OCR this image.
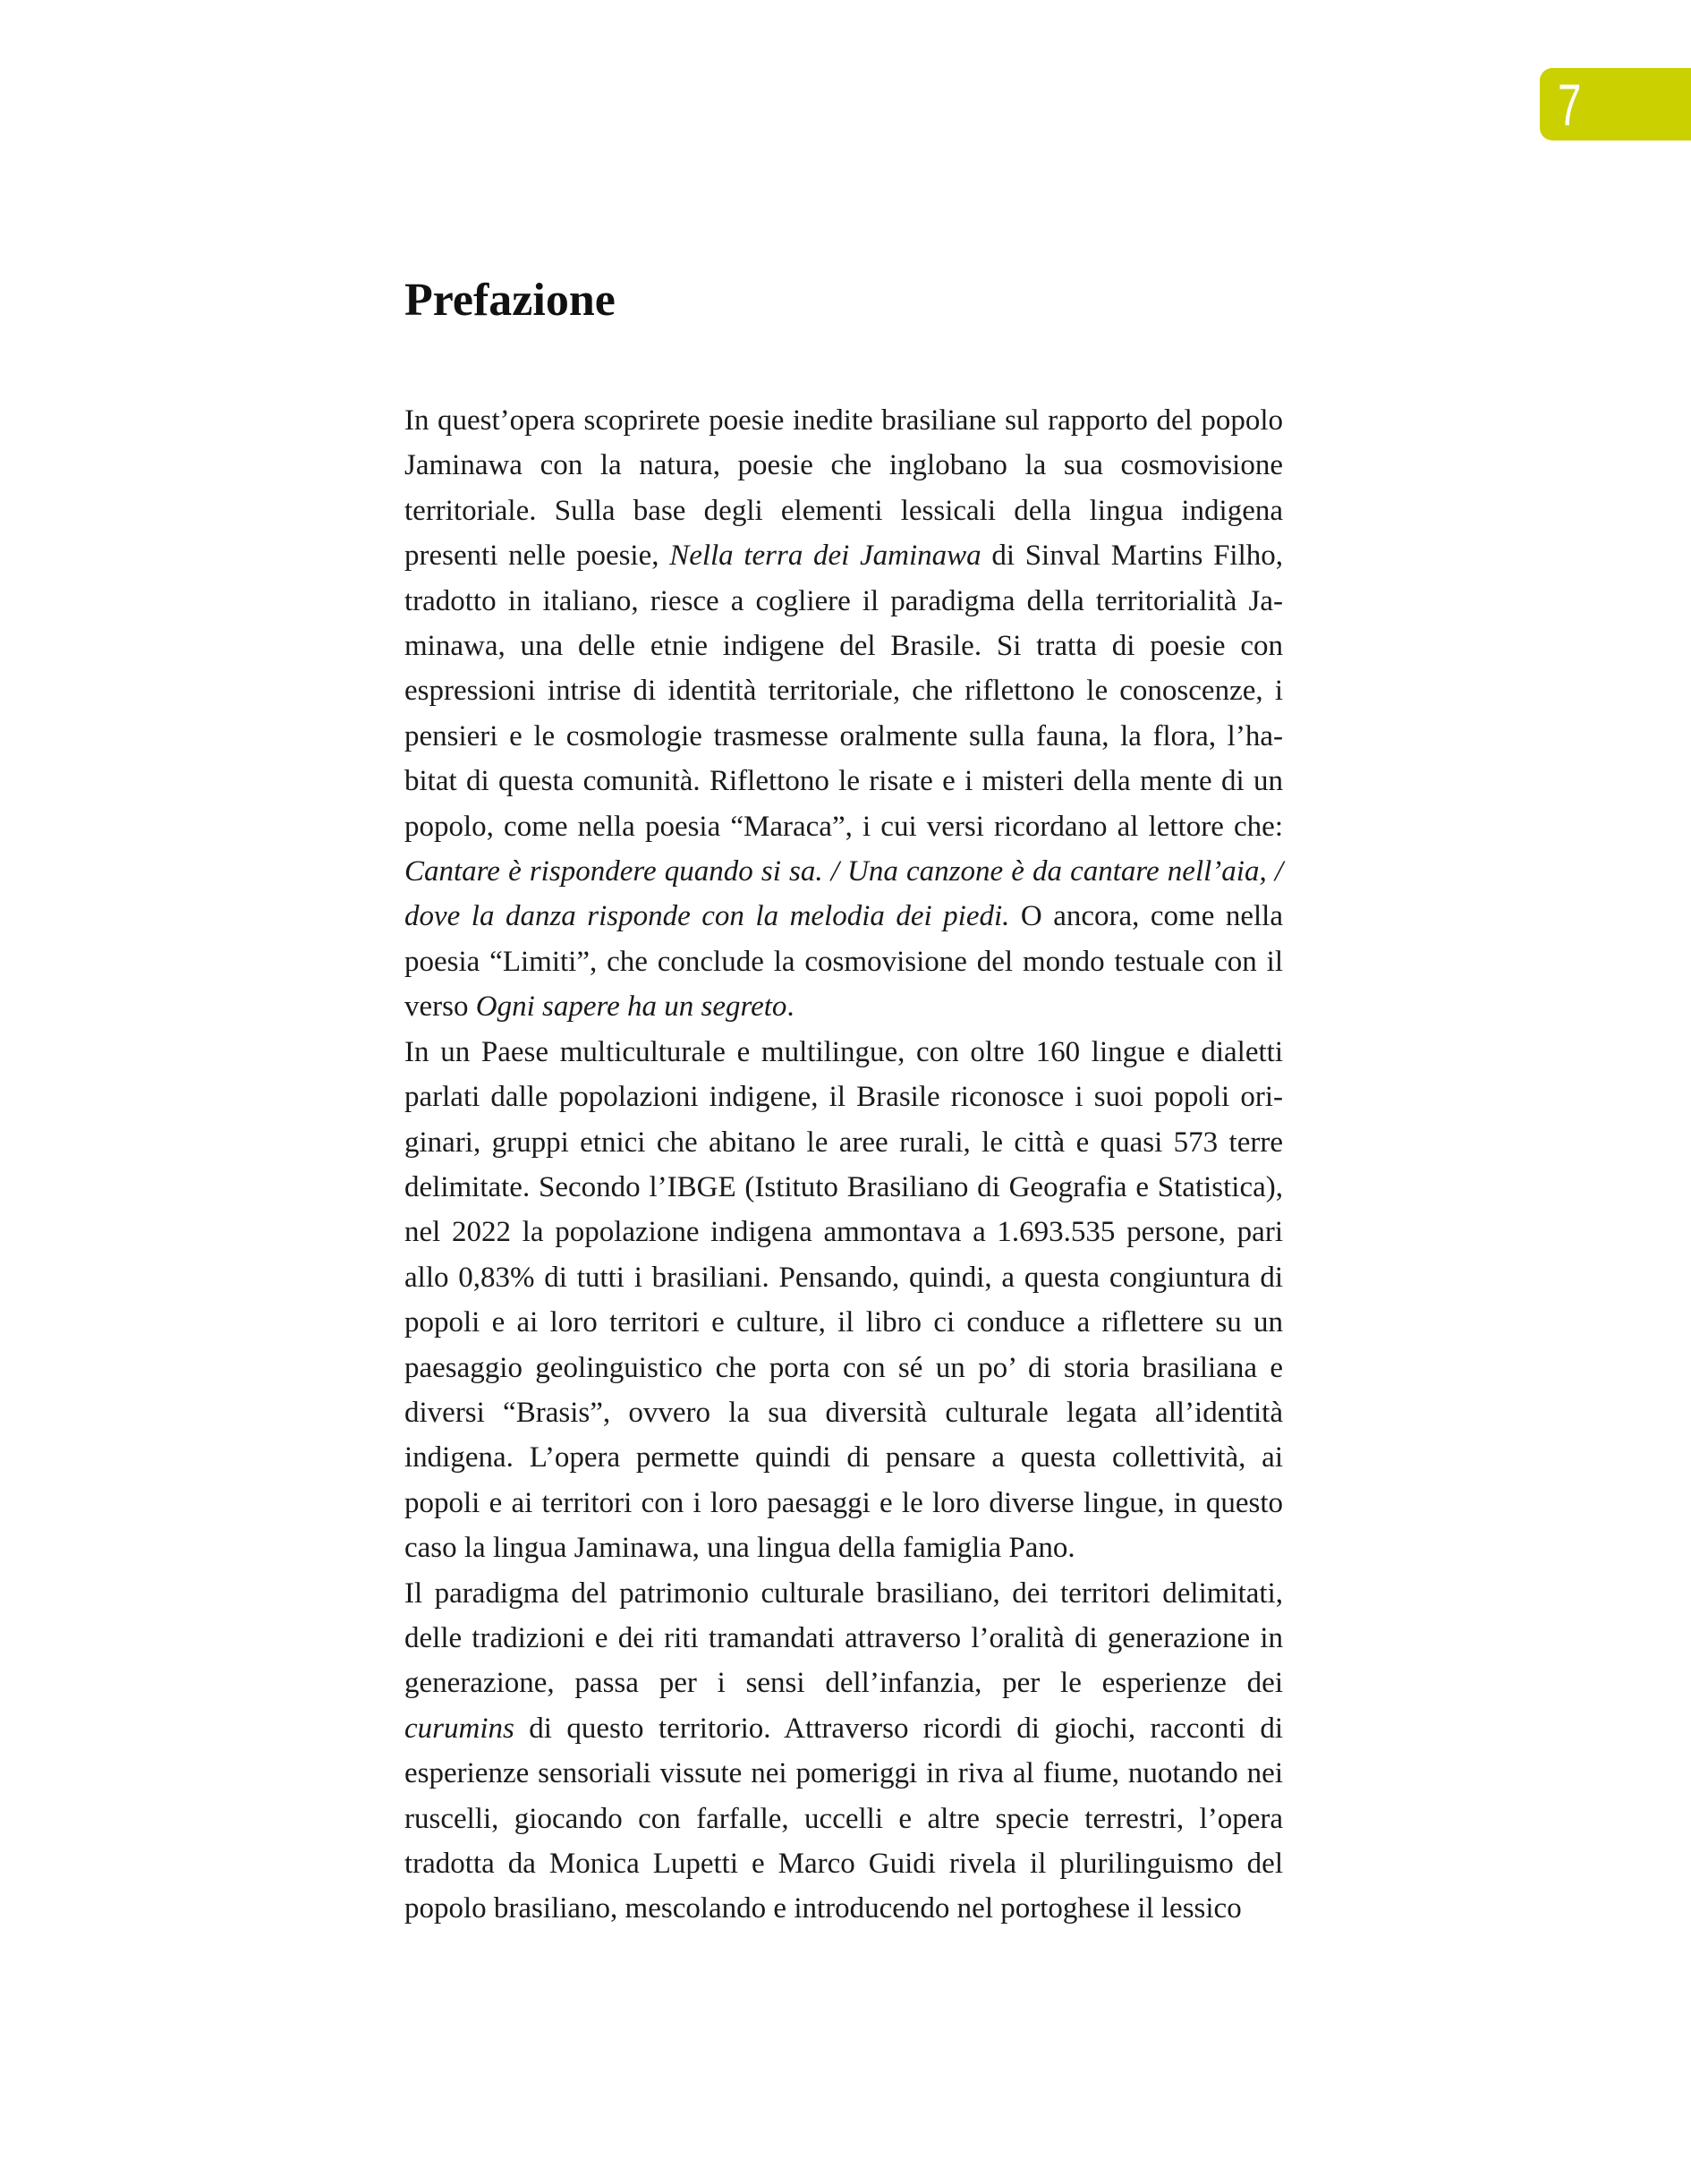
7
Prefazione

In quest’opera scoprirete poesie inedite brasiliane sul rapporto del popolo Jaminawa con la natura, poesie che inglobano la sua cosmovisione territoriale. Sulla base degli elementi lessicali della lingua indigena presenti nelle poesie, Nella terra dei Jaminawa di Sinval Martins Filho, tradotto in italiano, riesce a cogliere il paradigma della territorialità Jaminawa, una delle etnie indigene del Brasile. Si tratta di poesie con espressioni intrise di identità territoriale, che riflettono le conoscenze, i pensieri e le cosmologie trasmesse oralmente sulla fauna, la flora, l’habitat di questa comunità. Riflettono le risate e i misteri della mente di un popolo, come nella poesia “Maraca”, i cui versi ricordano al lettore che: Cantare è rispondere quando si sa. / Una canzone è da cantare nell’aia, / dove la danza risponde con la melodia dei piedi. O ancora, come nella poesia “Limiti”, che conclude la cosmovisione del mondo testuale con il verso Ogni sapere ha un segreto.

In un Paese multiculturale e multilingue, con oltre 160 lingue e dialetti parlati dalle popolazioni indigene, il Brasile riconosce i suoi popoli originari, gruppi etnici che abitano le aree rurali, le città e quasi 573 terre delimitate. Secondo l’IBGE (Istituto Brasiliano di Geografia e Statistica), nel 2022 la popolazione indigena ammontava a 1.693.535 persone, pari allo 0,83% di tutti i brasiliani. Pensando, quindi, a questa congiuntura di popoli e ai loro territori e culture, il libro ci conduce a riflettere su un paesaggio geolinguistico che porta con sé un po’ di storia brasiliana e diversi “Brasis”, ovvero la sua diversità culturale legata all’identità indigena. L’opera permette quindi di pensare a questa collettività, ai popoli e ai territori con i loro paesaggi e le loro diverse lingue, in questo caso la lingua Jaminawa, una lingua della famiglia Pano.

Il paradigma del patrimonio culturale brasiliano, dei territori delimitati, delle tradizioni e dei riti tramandati attraverso l’oralità di generazione in generazione, passa per i sensi dell’infanzia, per le esperienze dei curumins di questo territorio. Attraverso ricordi di giochi, racconti di esperienze sensoriali vissute nei pomeriggi in riva al fiume, nuotando nei ruscelli, giocando con farfalle, uccelli e altre specie terrestri, l’opera tradotta da Monica Lupetti e Marco Guidi rivela il plurilinguismo del popolo brasiliano, mescolando e introducendo nel portoghese il lessico
